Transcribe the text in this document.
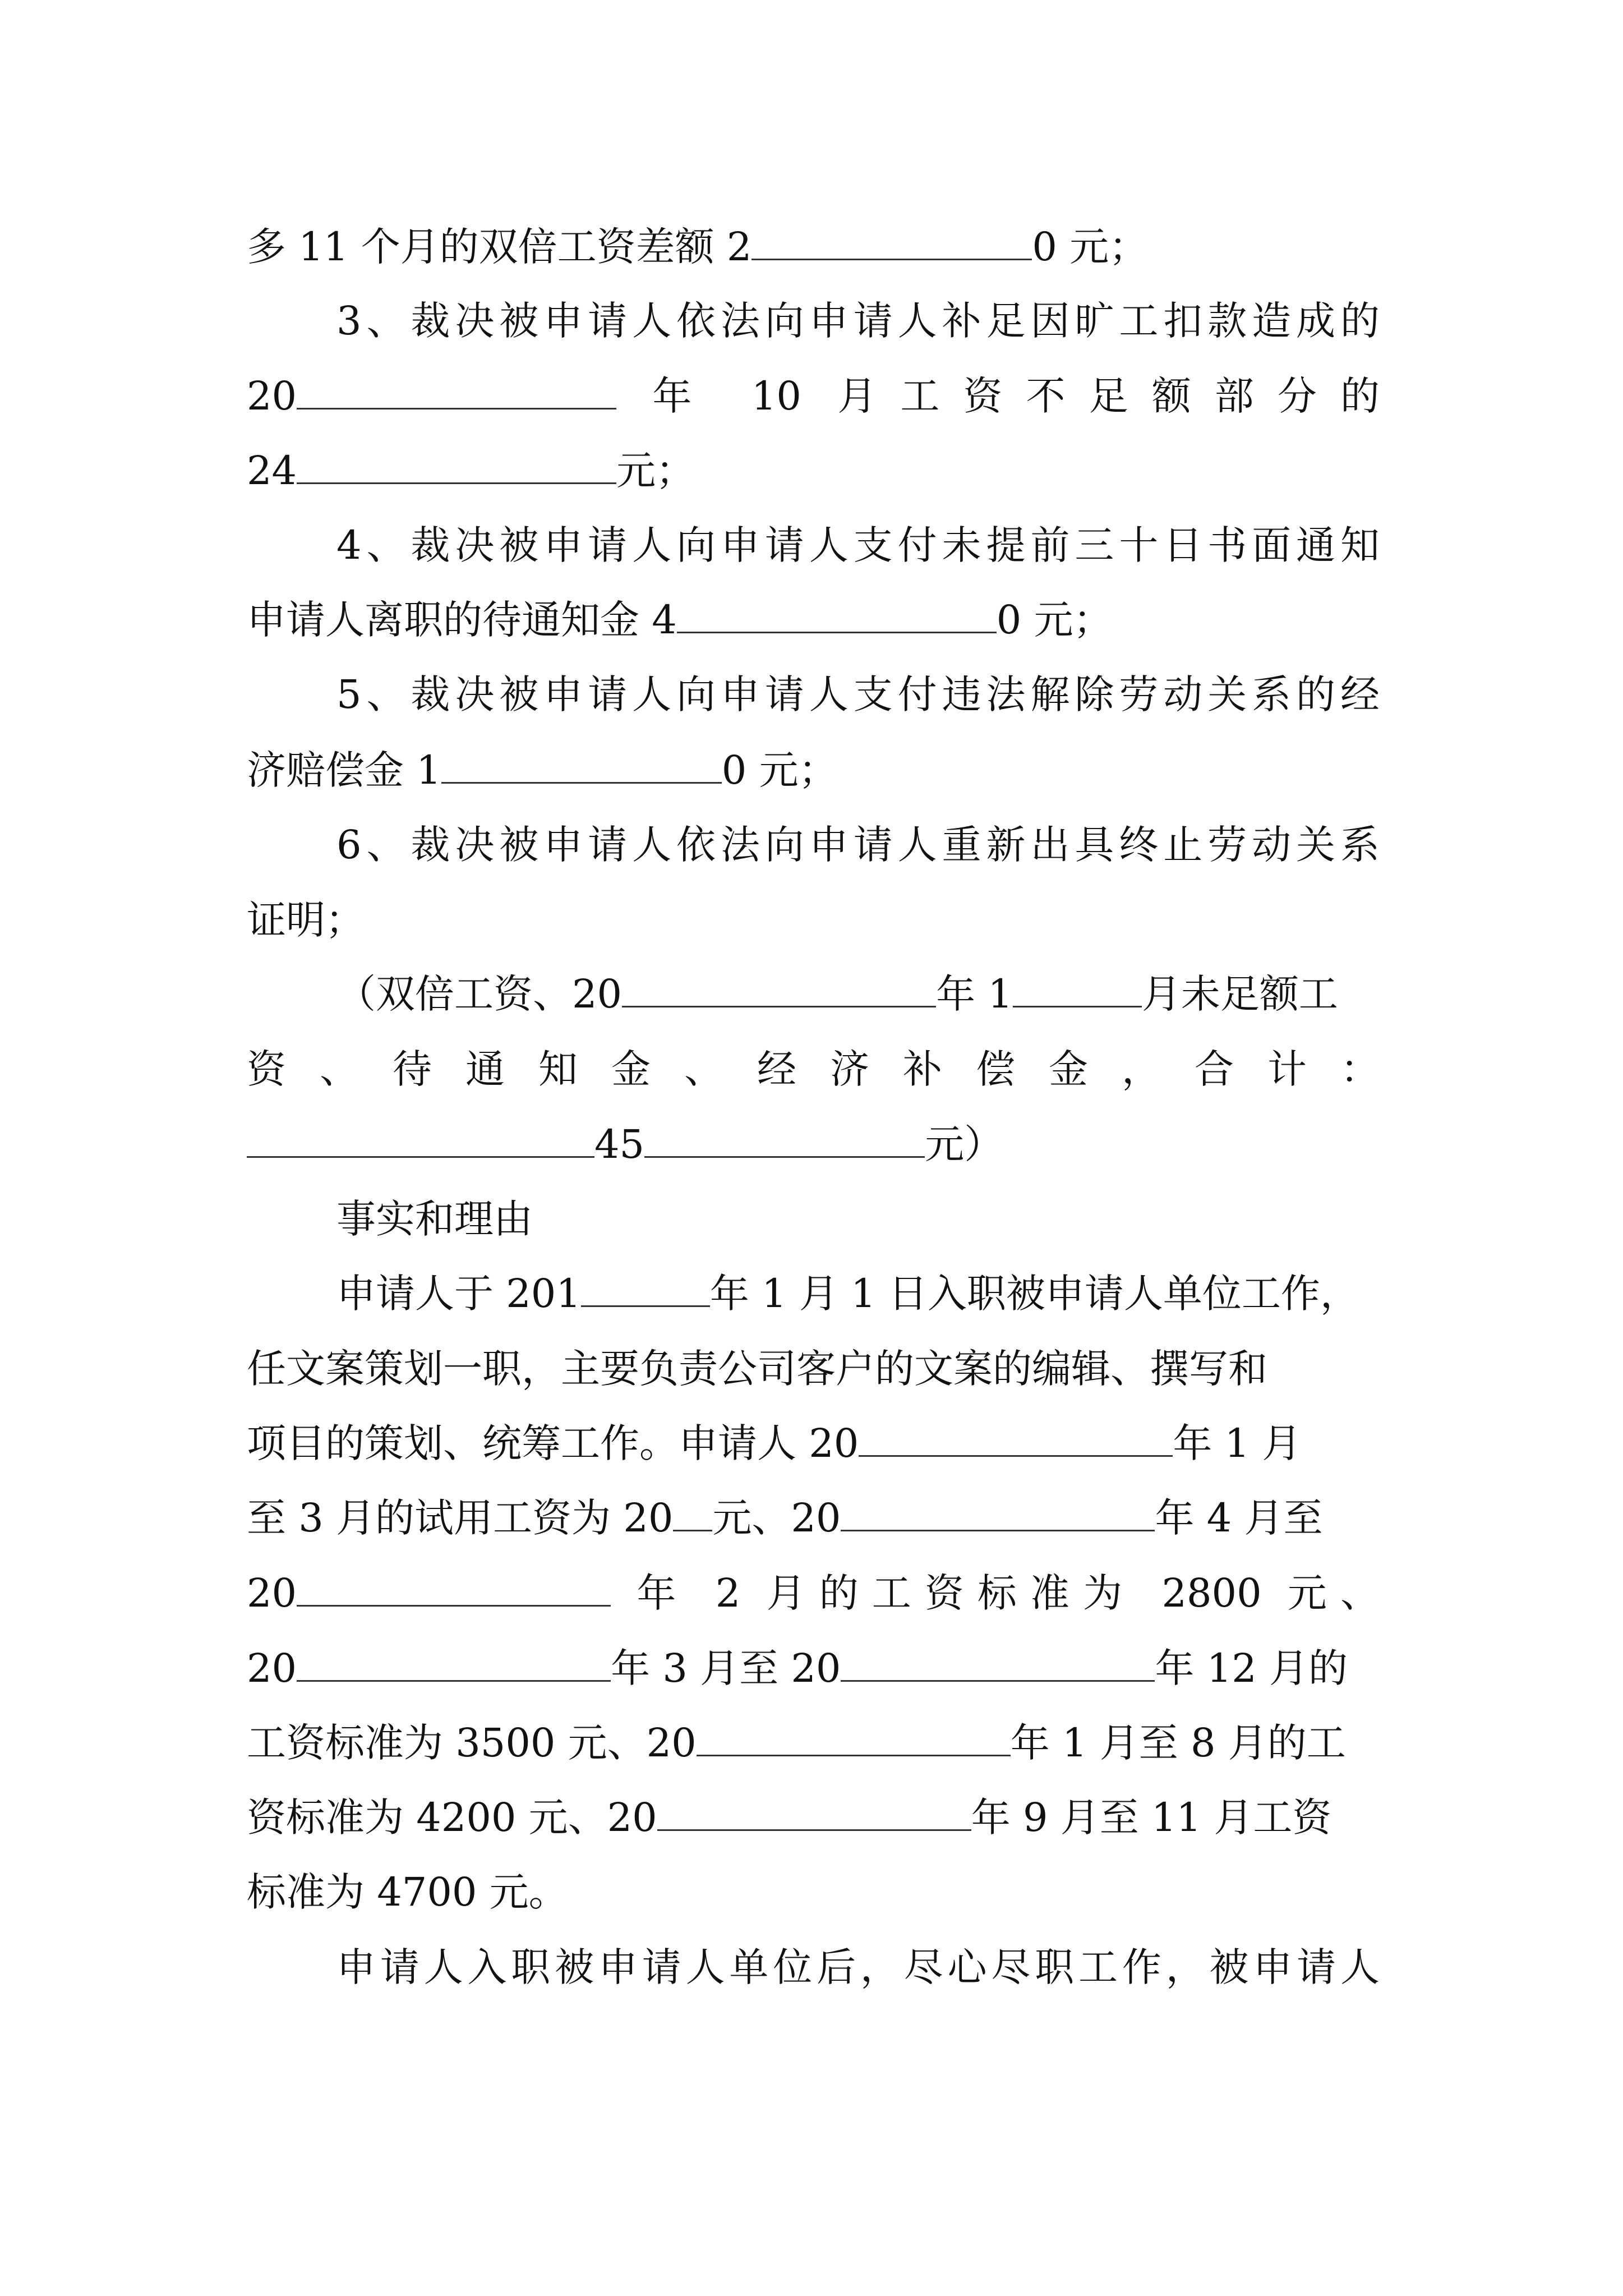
多 11 个月的双倍工资差额 2	0 元；
3、裁决被申请人依法向申请人补足因旷工扣款造成的
20	年 10 月工资不足额部分的
24	元；
4、裁决被申请人向申请人支付未提前三十日书面通知
申请人离职的待通知金 4	0 元；
5、裁决被申请人向申请人支付违法解除劳动关系的经
济赔偿金 1	0 元；
6、裁决被申请人依法向申请人重新出具终止劳动关系
证明；
（双倍工资、20	年 1	月未足额工
资、待通知金、经济补偿金，合计：
45	元）
事实和理由
申请人于 201	年 1 月 1 日入职被申请人单位工作，
任文案策划一职，主要负责公司客户的文案的编辑、撰写和
项目的策划、统筹工作。申请人 20	年 1 月
至 3 月的试用工资为 20 元、20	年 4 月至
20	年 2 月的工资标准为 2800 元、
20	年 3 月至 20	年 12 月的
工资标准为 3500 元、20	年 1 月至 8 月的工
资标准为 4200 元、20	年 9 月至 11 月工资
标准为 4700 元。
申请人入职被申请人单位后，尽心尽职工作，被申请人
